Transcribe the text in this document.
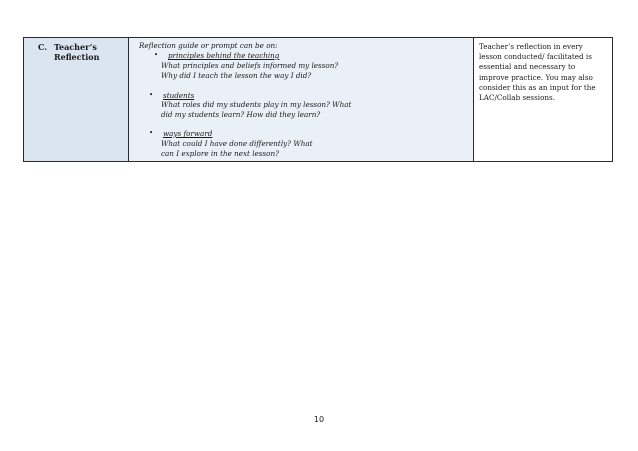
C. Teacher’s
Reflection
Reflection guide or prompt can be on:
• principles behind the teaching
What principles and beliefs informed my lesson?
Why did I teach the lesson the way I did?
• students
What roles did my students play in my lesson? What
did my students learn? How did they learn?
• ways forward
What could I have done differently? What
can I explore in the next lesson?
Teacher’s reflection in every
lesson conducted/ facilitated is
essential and necessary to
improve practice. You may also
consider this as an input for the
LAC/Collab sessions.
10
